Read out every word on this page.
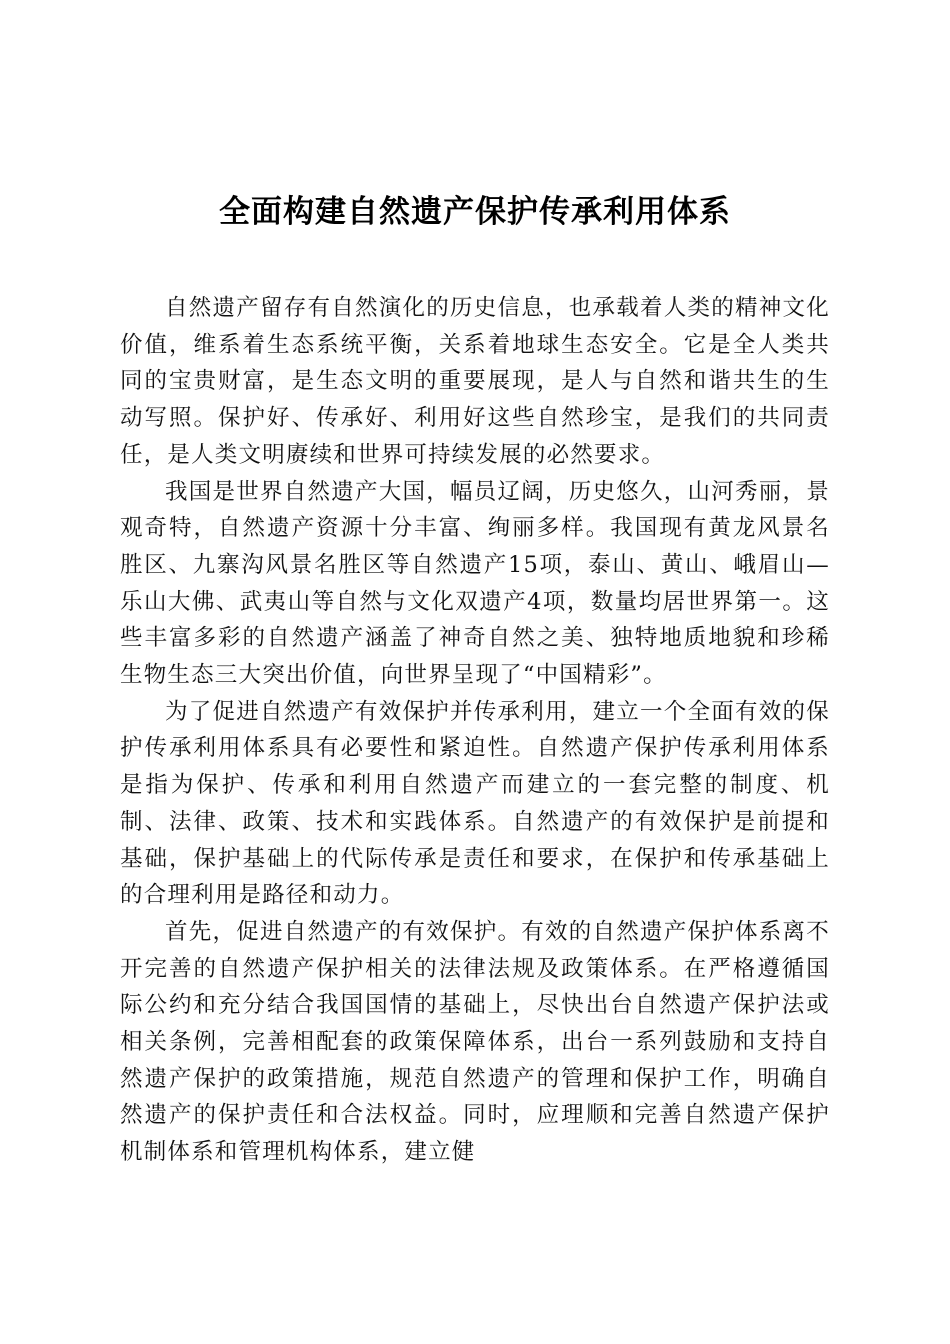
全面构建自然遗产保护传承利用体系

自然遗产留存有自然演化的历史信息，也承载着人类的精神文化价值，维系着生态系统平衡，关系着地球生态安全。它是全人类共同的宝贵财富，是生态文明的重要展现，是人与自然和谐共生的生动写照。保护好、传承好、利用好这些自然珍宝，是我们的共同责任，是人类文明赓续和世界可持续发展的必然要求。

我国是世界自然遗产大国，幅员辽阔，历史悠久，山河秀丽，景观奇特，自然遗产资源十分丰富、绚丽多样。我国现有黄龙风景名胜区、九寨沟风景名胜区等自然遗产15项，泰山、黄山、峨眉山—乐山大佛、武夷山等自然与文化双遗产4项，数量均居世界第一。这些丰富多彩的自然遗产涵盖了神奇自然之美、独特地质地貌和珍稀生物生态三大突出价值，向世界呈现了“中国精彩”。

为了促进自然遗产有效保护并传承利用，建立一个全面有效的保护传承利用体系具有必要性和紧迫性。自然遗产保护传承利用体系是指为保护、传承和利用自然遗产而建立的一套完整的制度、机制、法律、政策、技术和实践体系。自然遗产的有效保护是前提和基础，保护基础上的代际传承是责任和要求，在保护和传承基础上的合理利用是路径和动力。

首先，促进自然遗产的有效保护。有效的自然遗产保护体系离不开完善的自然遗产保护相关的法律法规及政策体系。在严格遵循国际公约和充分结合我国国情的基础上，尽快出台自然遗产保护法或相关条例，完善相配套的政策保障体系，出台一系列鼓励和支持自然遗产保护的政策措施，规范自然遗产的管理和保护工作，明确自然遗产的保护责任和合法权益。同时，应理顺和完善自然遗产保护机制体系和管理机构体系，建立健
